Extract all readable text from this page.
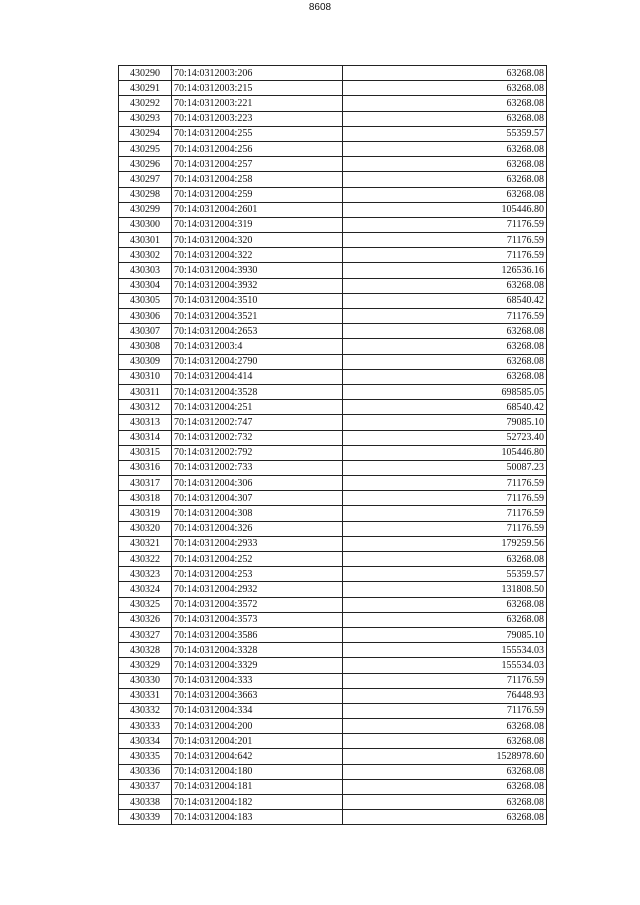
8608
430290	70:14:0312003:206	63268.08
430291	70:14:0312003:215	63268.08
430292	70:14:0312003:221	63268.08
430293	70:14:0312003:223	63268.08
430294	70:14:0312004:255	55359.57
430295	70:14:0312004:256	63268.08
430296	70:14:0312004:257	63268.08
430297	70:14:0312004:258	63268.08
430298	70:14:0312004:259	63268.08
430299	70:14:0312004:2601	105446.80
430300	70:14:0312004:319	71176.59
430301	70:14:0312004:320	71176.59
430302	70:14:0312004:322	71176.59
430303	70:14:0312004:3930	126536.16
430304	70:14:0312004:3932	63268.08
430305	70:14:0312004:3510	68540.42
430306	70:14:0312004:3521	71176.59
430307	70:14:0312004:2653	63268.08
430308	70:14:0312003:4	63268.08
430309	70:14:0312004:2790	63268.08
430310	70:14:0312004:414	63268.08
430311	70:14:0312004:3528	698585.05
430312	70:14:0312004:251	68540.42
430313	70:14:0312002:747	79085.10
430314	70:14:0312002:732	52723.40
430315	70:14:0312002:792	105446.80
430316	70:14:0312002:733	50087.23
430317	70:14:0312004:306	71176.59
430318	70:14:0312004:307	71176.59
430319	70:14:0312004:308	71176.59
430320	70:14:0312004:326	71176.59
430321	70:14:0312004:2933	179259.56
430322	70:14:0312004:252	63268.08
430323	70:14:0312004:253	55359.57
430324	70:14:0312004:2932	131808.50
430325	70:14:0312004:3572	63268.08
430326	70:14:0312004:3573	63268.08
430327	70:14:0312004:3586	79085.10
430328	70:14:0312004:3328	155534.03
430329	70:14:0312004:3329	155534.03
430330	70:14:0312004:333	71176.59
430331	70:14:0312004:3663	76448.93
430332	70:14:0312004:334	71176.59
430333	70:14:0312004:200	63268.08
430334	70:14:0312004:201	63268.08
430335	70:14:0312004:642	1528978.60
430336	70:14:0312004:180	63268.08
430337	70:14:0312004:181	63268.08
430338	70:14:0312004:182	63268.08
430339	70:14:0312004:183	63268.08
